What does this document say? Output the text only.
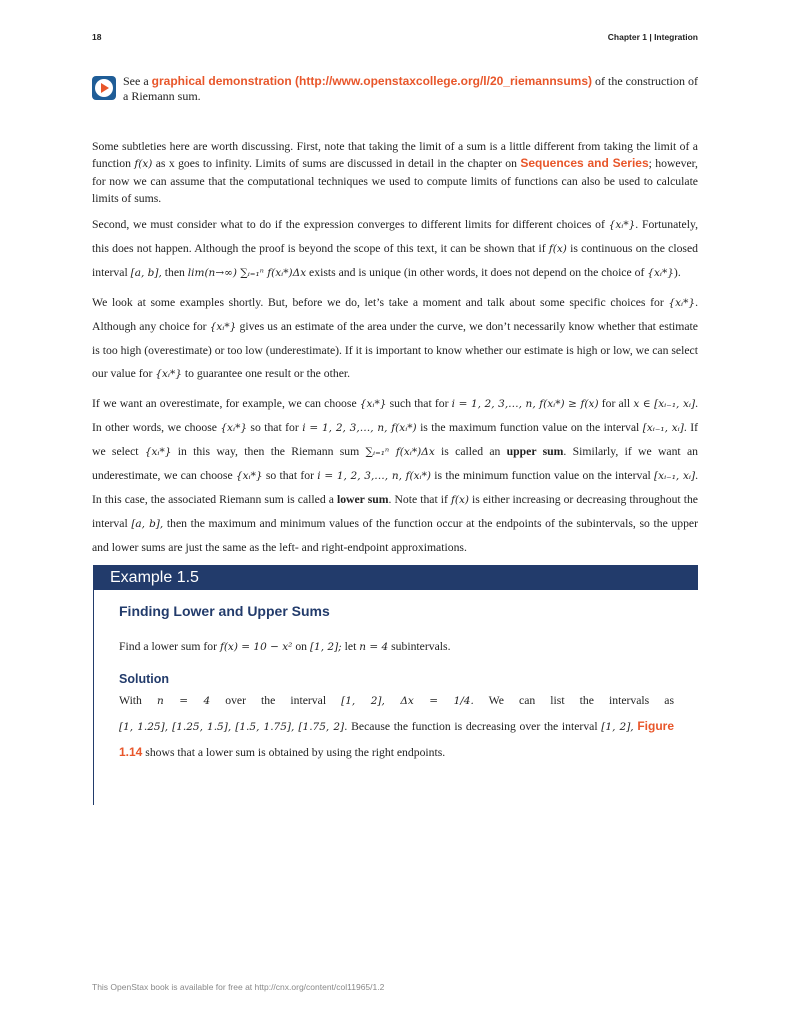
18	Chapter 1 | Integration
See a graphical demonstration (http://www.openstaxcollege.org/l/20_riemannsums) of the construction of a Riemann sum.

Some subtleties here are worth discussing. First, note that taking the limit of a sum is a little different from taking the limit of a function f(x) as x goes to infinity. Limits of sums are discussed in detail in the chapter on Sequences and Series; however, for now we can assume that the computational techniques we used to compute limits of functions can also be used to calculate limits of sums.

Second, we must consider what to do if the expression converges to different limits for different choices of {xᵢ*}. Fortunately, this does not happen. Although the proof is beyond the scope of this text, it can be shown that if f(x) is continuous on the closed interval [a, b], then lim(n→∞) ∑ᵢ₌₁ⁿ f(xᵢ*)Δx exists and is unique (in other words, it does not depend on the choice of {xᵢ*}).

We look at some examples shortly. But, before we do, let’s take a moment and talk about some specific choices for {xᵢ*}. Although any choice for {xᵢ*} gives us an estimate of the area under the curve, we don’t necessarily know whether that estimate is too high (overestimate) or too low (underestimate). If it is important to know whether our estimate is high or low, we can select our value for {xᵢ*} to guarantee one result or the other.

If we want an overestimate, for example, we can choose {xᵢ*} such that for i = 1, 2, 3,…, n, f(xᵢ*) ≥ f(x) for all x ∈ [xᵢ₋₁, xᵢ]. In other words, we choose {xᵢ*} so that for i = 1, 2, 3,…, n, f(xᵢ*) is the maximum function value on the interval [xᵢ₋₁, xᵢ]. If we select {xᵢ*} in this way, then the Riemann sum ∑ᵢ₌₁ⁿ f(xᵢ*)Δx is called an upper sum. Similarly, if we want an underestimate, we can choose {xᵢ*} so that for i = 1, 2, 3,…, n, f(xᵢ*) is the minimum function value on the interval [xᵢ₋₁, xᵢ]. In this case, the associated Riemann sum is called a lower sum. Note that if f(x) is either increasing or decreasing throughout the interval [a, b], then the maximum and minimum values of the function occur at the endpoints of the subintervals, so the upper and lower sums are just the same as the left- and right-endpoint approximations.

Example 1.5
Finding Lower and Upper Sums

Find a lower sum for f(x) = 10 − x² on [1, 2]; let n = 4 subintervals.

Solution

With n = 4 over the interval [1, 2], Δx = 1/4. We can list the intervals as [1, 1.25], [1.25, 1.5], [1.5, 1.75], [1.75, 2]. Because the function is decreasing over the interval [1, 2], Figure 1.14 shows that a lower sum is obtained by using the right endpoints.

This OpenStax book is available for free at http://cnx.org/content/col11965/1.2
